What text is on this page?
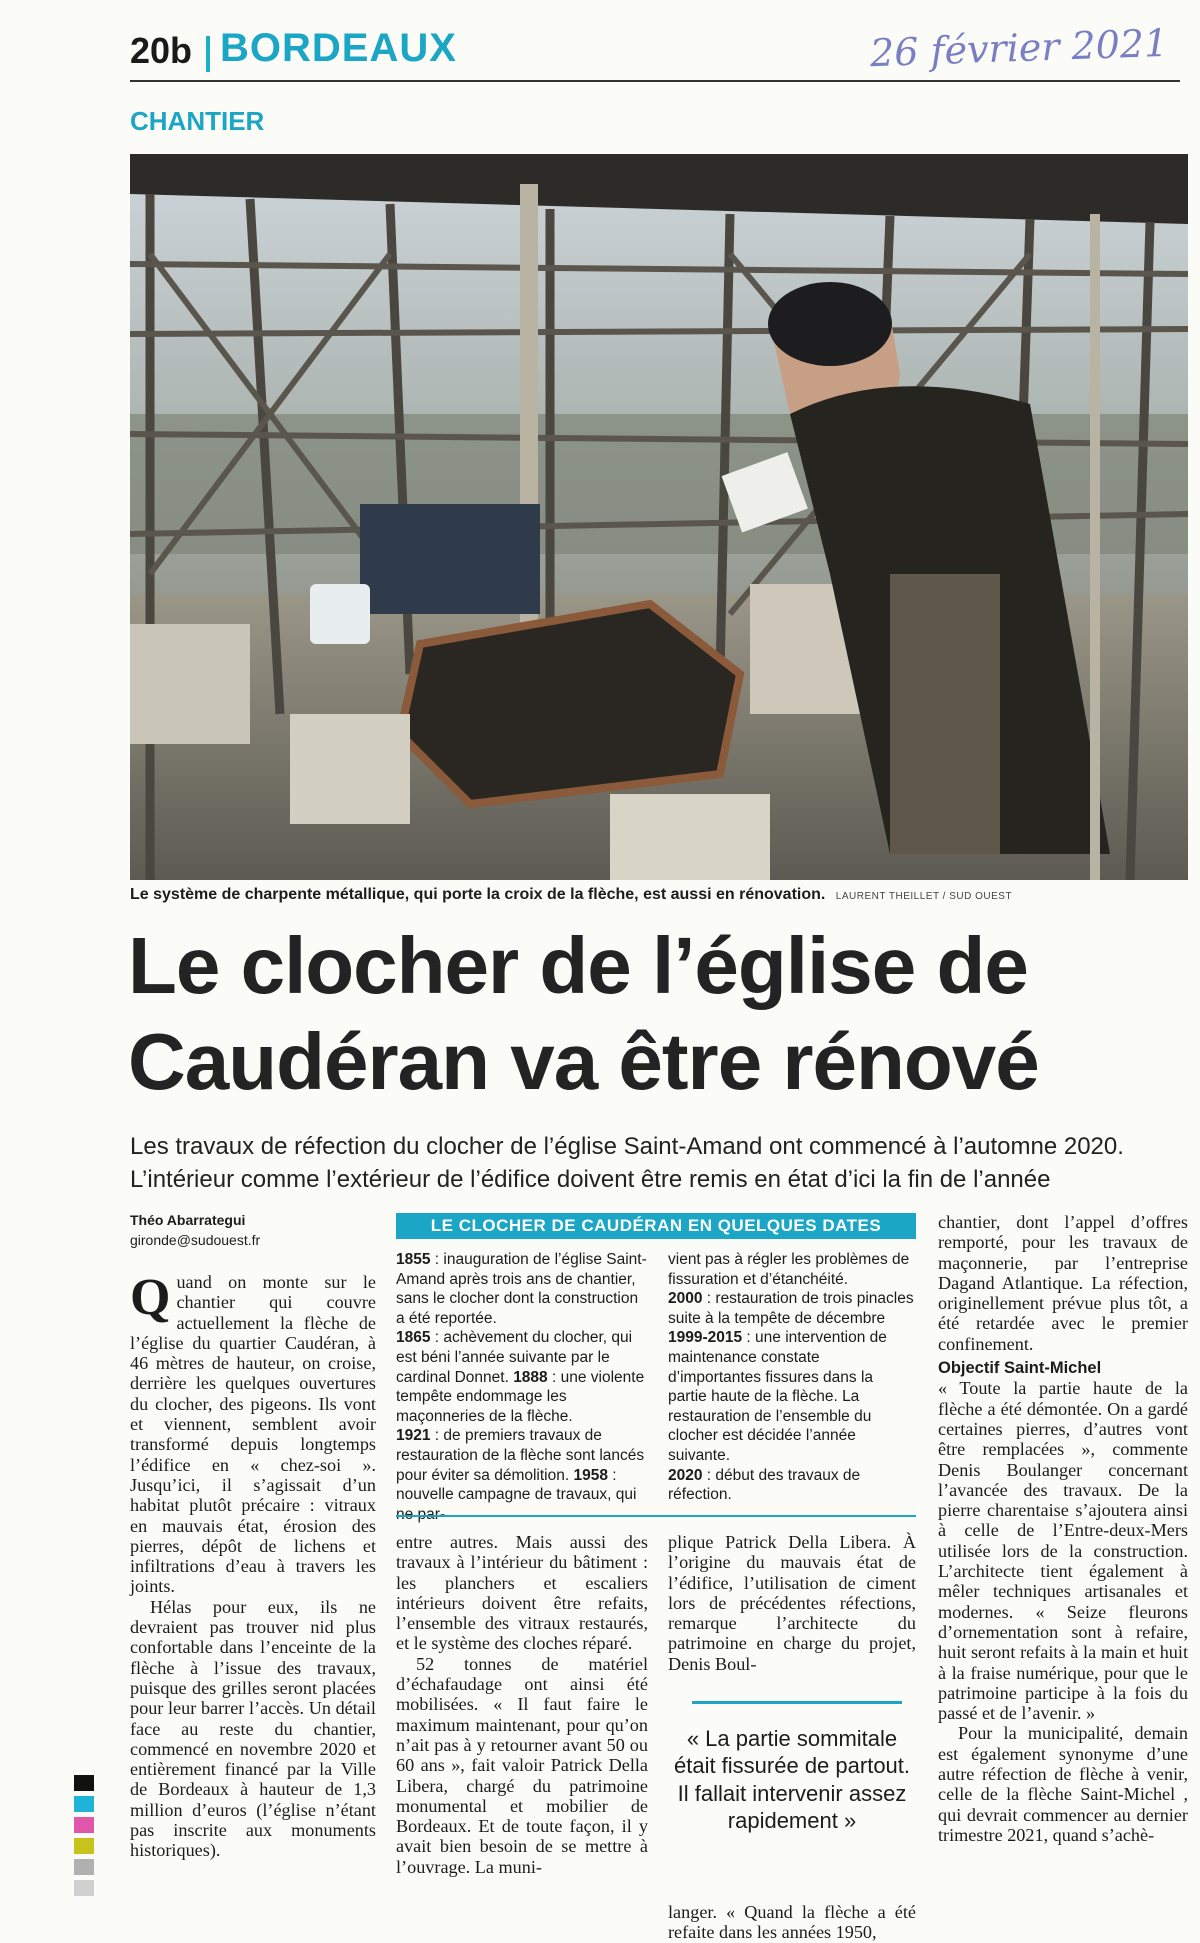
20b BORDEAUX	26 février 2021
CHANTIER
Le système de charpente métallique, qui porte la croix de la flèche, est aussi en rénovation. LAURENT THEILLET / SUD OUEST
Le clocher de l’église de
Caudéran va être rénové
Les travaux de réfection du clocher de l’église Saint-Amand ont commencé à l’automne 2020.
L’intérieur comme l’extérieur de l’édifice doivent être remis en état d’ici la fin de l’année
Théo Abarrategui
gironde@sudouest.fr

Quand on monte sur le chantier qui couvre actuellement la flèche de l’église du quartier Caudéran, à 46 mètres de hauteur, on croise, derrière les quelques ouvertures du clocher, des pigeons. Ils vont et viennent, semblent avoir transformé depuis longtemps l’édifice en « chez-soi ». Jusqu’ici, il s’agissait d’un habitat plutôt précaire : vitraux en mauvais état, érosion des pierres, dépôt de lichens et infiltrations d’eau à travers les joints.

Hélas pour eux, ils ne devraient pas trouver nid plus confortable dans l’enceinte de la flèche à l’issue des travaux, puisque des grilles seront placées pour leur barrer l’accès. Un détail face au reste du chantier, commencé en novembre 2020 et entièrement financé par la Ville de Bordeaux à hauteur de 1,3 million d’euros (l’église n’étant pas inscrite aux monuments historiques).

LE CLOCHER DE CAUDÉRAN EN QUELQUES DATES

1855 : inauguration de l’église Saint-Amand après trois ans de chantier, sans le clocher dont la construction a été reportée.

1865 : achèvement du clocher, qui est béni l’année suivante par le cardinal Donnet. 1888 : une violente tempête endommage les maçonneries de la flèche.

1921 : de premiers travaux de restauration de la flèche sont lancés pour éviter sa démolition. 1958 : nouvelle campagne de travaux, qui

vient pas à régler les problèmes de fissuration et d’étanchéité.

2000 : restauration de trois pinacles suite à la tempête de décembre

1999-2015 : une intervention de maintenance constate d’importantes fissures dans la partie haute de la flèche. La restauration de l’ensemble du clocher est décidée l’année suivante.

2020 : début des travaux de réfection.

entre autres. Mais aussi des travaux à l’intérieur du bâtiment : les planchers et escaliers intérieurs doivent être refaits, l’ensemble des vitraux restaurés, et le système des cloches réparé.

52 tonnes de matériel d’échafaudage ont ainsi été mobilisées. « Il faut faire le maximum maintenant, pour qu’on n’ait pas à y retourner avant 50 ou 60 ans », fait valoir Patrick Della Libera, chargé du patrimoine monumental et mobilier de Bordeaux. Et de toute façon, il y avait bien besoin de se mettre à l’ouvrage. La muni-

plique Patrick Della Libera. À l’origine du mauvais état de l’édifice, l’utilisation de ciment lors de précédentes réfections, remarque l’architecte du patrimoine en charge du projet, Denis Boul-

« La partie sommitale était fissurée de partout. Il fallait intervenir assez rapidement »

langer. « Quand la flèche a été refaite dans les années 1950,

chantier, dont l’appel d’offres remporté, pour les travaux de maçonnerie, par l’entreprise Dagand Atlantique. La réfection, originellement prévue plus tôt, a été retardée avec le premier confinement.

Objectif Saint-Michel

« Toute la partie haute de la flèche a été démontée. On a gardé certaines pierres, d’autres vont être remplacées », commente Denis Boulanger concernant l’avancée des travaux. De la pierre charentaise s’ajoutera ainsi à celle de l’Entre-deux-Mers utilisée lors de la construction. L’architecte tient également à mêler techniques artisanales et modernes. « Seize fleurons d’ornementation sont à refaire, huit seront refaits à la main et huit à la fraise numérique, pour que le patrimoine participe à la fois du passé et de l’avenir. »

Pour la municipalité, demain est également synonyme d’une autre réfection de flèche à venir, celle de la flèche Saint-Michel , qui devrait commencer au dernier trimestre 2021, quand s’achè-
